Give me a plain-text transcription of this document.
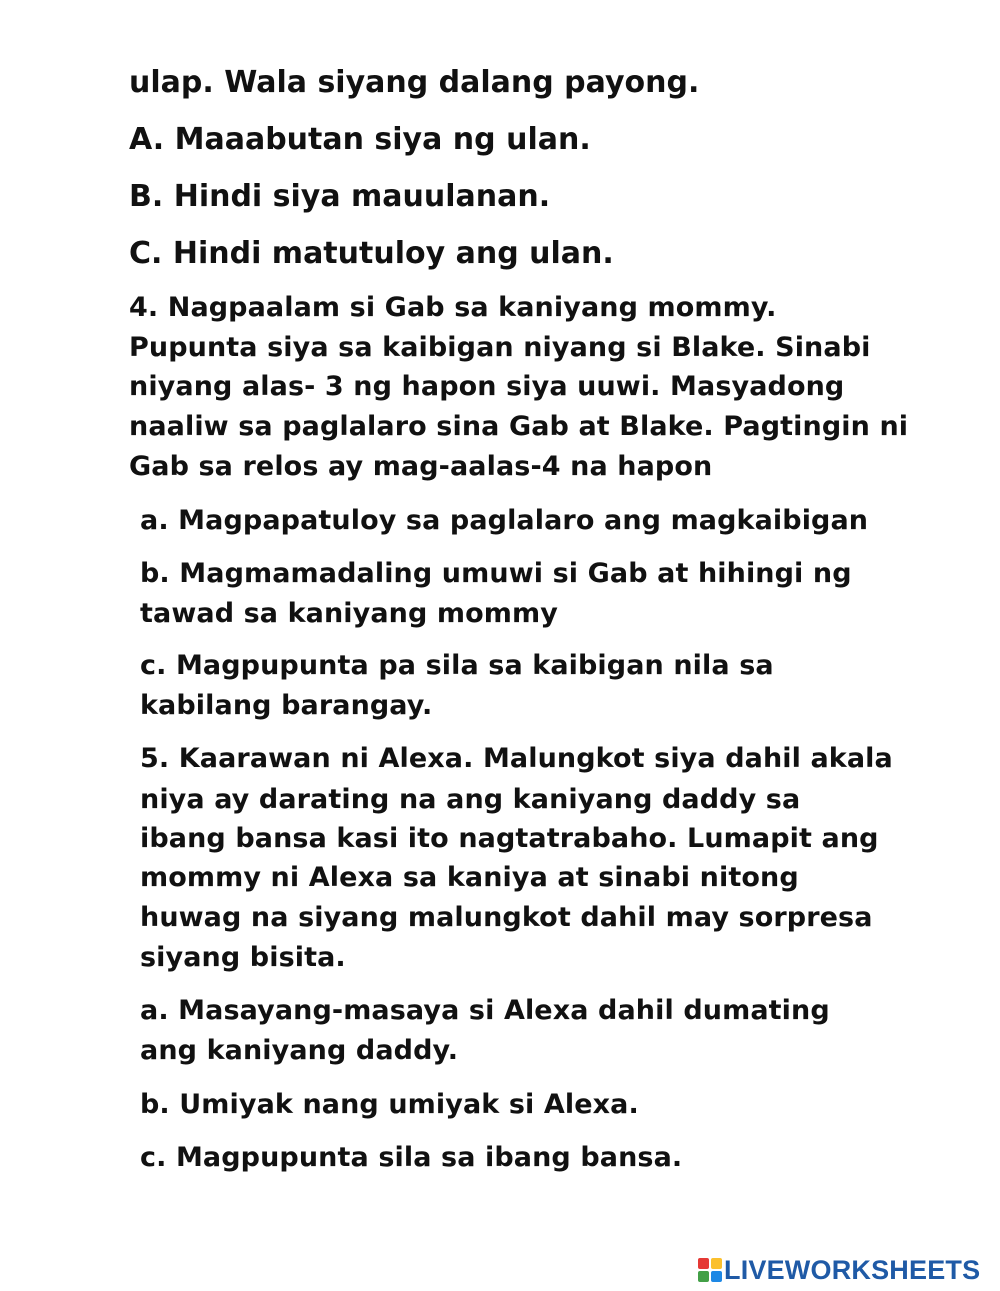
ulap. Wala siyang dalang payong.
A. Maaabutan siya ng ulan.
B. Hindi siya mauulanan.
C. Hindi matutuloy ang ulan.
4. Nagpaalam si Gab sa kaniyang mommy.
Pupunta siya sa kaibigan niyang si Blake. Sinabi
niyang alas- 3 ng hapon siya uuwi. Masyadong
naaliw sa paglalaro sina Gab at Blake. Pagtingin ni
Gab sa relos ay mag-aalas-4 na hapon
a. Magpapatuloy sa paglalaro ang magkaibigan
b. Magmamadaling umuwi si Gab at hihingi ng
tawad sa kaniyang mommy
c. Magpupunta pa sila sa kaibigan nila sa
kabilang barangay.
5. Kaarawan ni Alexa. Malungkot siya dahil akala
niya ay darating na ang kaniyang daddy sa
ibang bansa kasi ito nagtatrabaho. Lumapit ang
mommy ni Alexa sa kaniya at sinabi nitong
huwag na siyang malungkot dahil may sorpresa
siyang bisita.
a. Masayang-masaya si Alexa dahil dumating
ang kaniyang daddy.
b. Umiyak nang umiyak si Alexa.
c. Magpupunta sila sa ibang bansa.
LIVEWORKSHEETS
